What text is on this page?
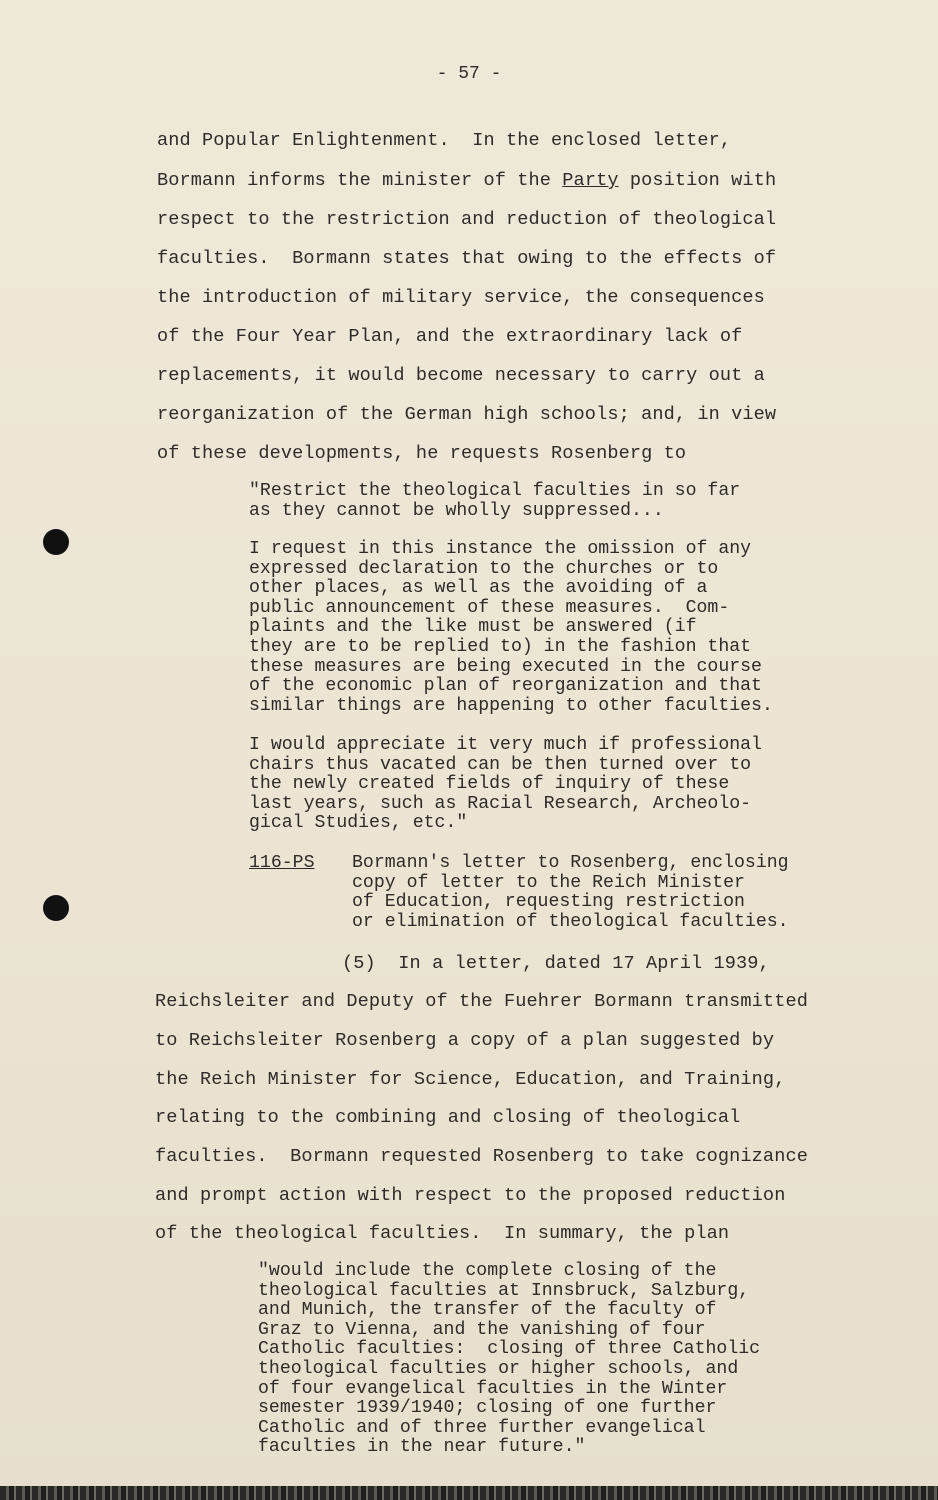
- 57 -
and Popular Enlightenment.  In the enclosed letter,
Bormann informs the minister of the Party position with
respect to the restriction and reduction of theological
faculties.  Bormann states that owing to the effects of
the introduction of military service, the consequences
of the Four Year Plan, and the extraordinary lack of
replacements, it would become necessary to carry out a
reorganization of the German high schools; and, in view
of these developments, he requests Rosenberg to
"Restrict the theological faculties in so far
as they cannot be wholly suppressed...
I request in this instance the omission of any
expressed declaration to the churches or to
other places, as well as the avoiding of a
public announcement of these measures.  Com-
plaints and the like must be answered (if
they are to be replied to) in the fashion that
these measures are being executed in the course
of the economic plan of reorganization and that
similar things are happening to other faculties.
I would appreciate it very much if professional
chairs thus vacated can be then turned over to
the newly created fields of inquiry of these
last years, such as Racial Research, Archeolo-
gical Studies, etc."
116-PS Bormann's letter to Rosenberg, enclosing
copy of letter to the Reich Minister
of Education, requesting restriction
or elimination of theological faculties.
(5)  In a letter, dated 17 April 1939,
Reichsleiter and Deputy of the Fuehrer Bormann transmitted
to Reichsleiter Rosenberg a copy of a plan suggested by
the Reich Minister for Science, Education, and Training,
relating to the combining and closing of theological
faculties.  Bormann requested Rosenberg to take cognizance
and prompt action with respect to the proposed reduction
of the theological faculties.  In summary, the plan
"would include the complete closing of the
theological faculties at Innsbruck, Salzburg,
and Munich, the transfer of the faculty of
Graz to Vienna, and the vanishing of four
Catholic faculties:  closing of three Catholic
theological faculties or higher schools, and
of four evangelical faculties in the Winter
semester 1939/1940; closing of one further
Catholic and of three further evangelical
faculties in the near future."
